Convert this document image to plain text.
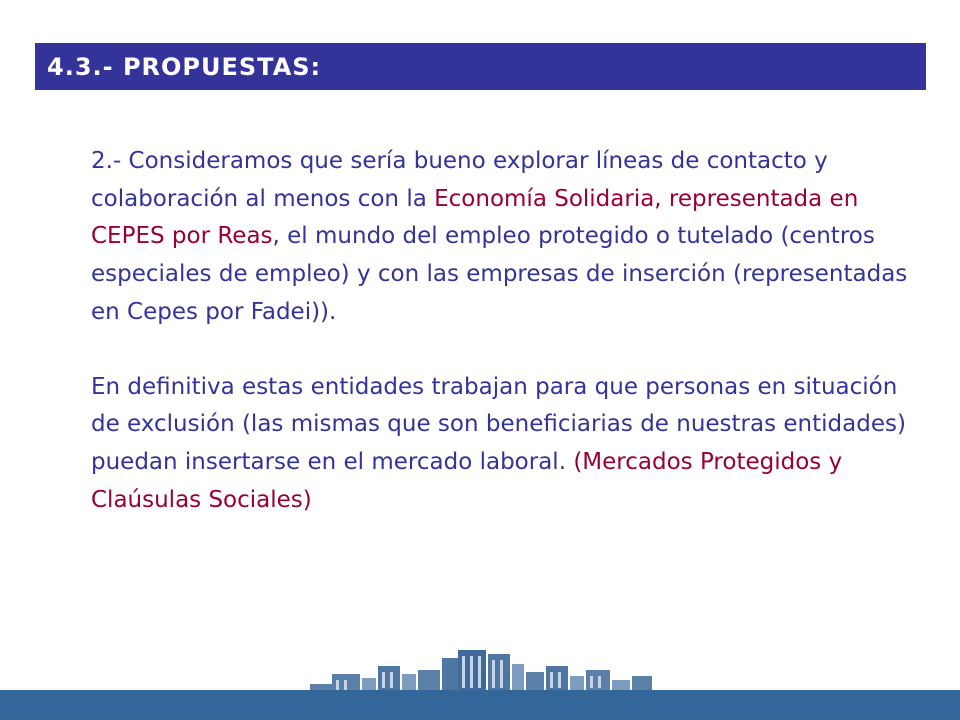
4.3.- PROPUESTAS:

2.- Consideramos que sería bueno explorar líneas de contacto y colaboración al menos con la Economía Solidaria, representada en CEPES por Reas, el mundo del empleo protegido o tutelado (centros especiales de empleo) y con las empresas de inserción (representadas en Cepes por Fadei)).

En definitiva estas entidades trabajan para que personas en situación de exclusión (las mismas que son beneficiarias de nuestras entidades) puedan insertarse en el mercado laboral. (Mercados Protegidos y Claúsulas Sociales)
